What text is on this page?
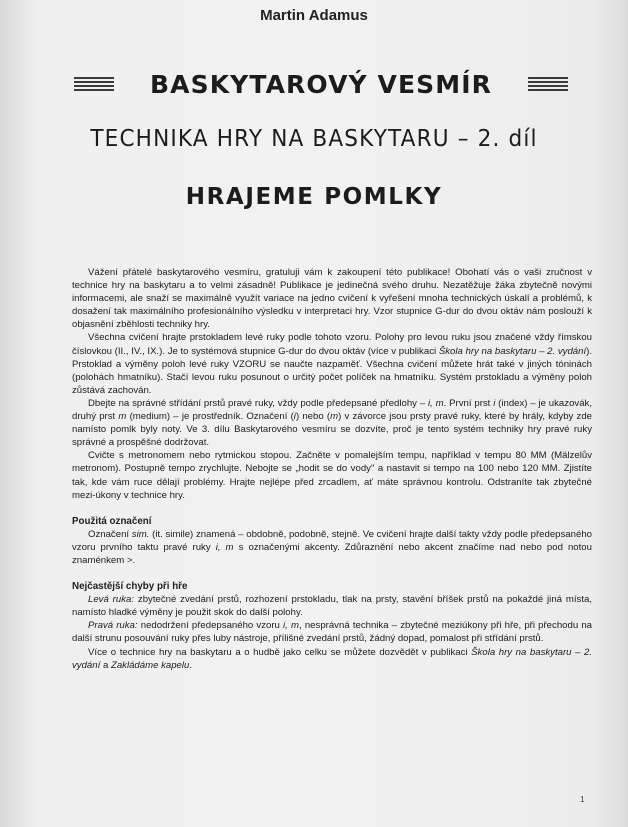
Martin Adamus
BASKYTAROVÝ VESMÍR
TECHNIKA HRY NA BASKYTARU – 2. díl
HRAJEME POMLKY

Vážení přátelé baskytarového vesmíru, gratuluji vám k zakoupení této publikace! Obohatí vás o vaši zručnost v technice hry na baskytaru a to velmi zásadně! Publikace je jedinečná svého druhu. Nezatěžuje žáka zbytečně novými informacemi, ale snaží se maximálně využít variace na jedno cvičení k vyřešení mnoha technických úskalí a problémů, k dosažení tak maximálního profesionálního výsledku v interpretaci hry. Vzor stupnice G-dur do dvou oktáv nám poslouží k objasnění zběhlosti techniky hry.

Všechna cvičení hrajte prstokladem levé ruky podle tohoto vzoru. Polohy pro levou ruku jsou značené vždy římskou číslovkou (II., IV., IX.). Je to systémová stupnice G-dur do dvou oktáv (více v publikaci Škola hry na baskytaru – 2. vydání). Prstoklad a výměny poloh levé ruky VZORU se naučte nazpaměť. Všechna cvičení můžete hrát také v jiných tóninách (polohách hmatníku). Stačí levou ruku posunout o určitý počet políček na hmatníku. Systém prstokladu a výměny poloh zůstává zachován.

Dbejte na správné střídání prstů pravé ruky, vždy podle předepsané předlohy – i, m. První prst i (index) – je ukazovák, druhý prst m (medium) – je prostředník. Označení (i) nebo (m) v závorce jsou prsty pravé ruky, které by hrály, kdyby zde namísto pomlk byly noty. Ve 3. dílu Baskytarového vesmíru se dozvíte, proč je tento systém techniky hry pravé ruky správné a prospěšné dodržovat.

Cvičte s metronomem nebo rytmickou stopou. Začněte v pomalejším tempu, například v tempu 80 MM (Mälzelův metronom). Postupně tempo zrychlujte. Nebojte se „hodit se do vody" a nastavit si tempo na 100 nebo 120 MM. Zjistíte tak, kde vám ruce dělají problémy. Hrajte nejlépe před zrcadlem, ať máte správnou kontrolu. Odstraníte tak zbytečné mezi-úkony v technice hry.

Použitá označení

Označení sim. (it. simile) znamená – obdobně, podobně, stejně. Ve cvičení hrajte další takty vždy podle předepsaného vzoru prvního taktu pravé ruky i, m s označenými akcenty. Zdůraznění nebo akcent značíme nad nebo pod notou znaménkem >.

Nejčastější chyby při hře

Levá ruka: zbytečné zvedání prstů, rozhození prstokladu, tlak na prsty, stavění bříšek prstů na pokaždé jiná místa, namísto hladké výměny je použit skok do další polohy.

Pravá ruka: nedodržení předepsaného vzoru i, m, nesprávná technika – zbytečné meziúkony při hře, při přechodu na další strunu posouvání ruky přes luby nástroje, přílišné zvedání prstů, žádný dopad, pomalost při střídání prstů.

Více o technice hry na baskytaru a o hudbě jako celku se můžete dozvědět v publikaci Škola hry na baskytaru – 2. vydání a Zakládáme kapelu.

1
